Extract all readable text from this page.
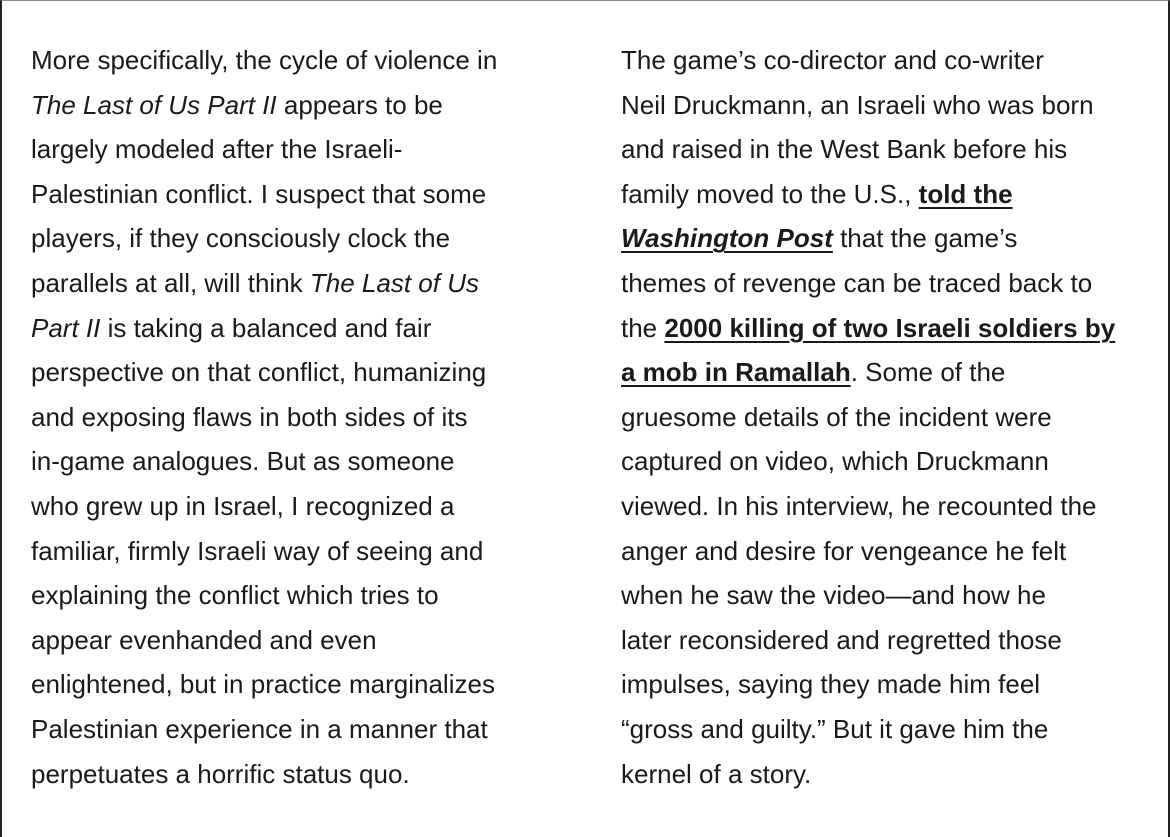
More specifically, the cycle of violence in
The Last of Us Part II appears to be
largely modeled after the Israeli-
Palestinian conflict. I suspect that some
players, if they consciously clock the
parallels at all, will think The Last of Us
Part II is taking a balanced and fair
perspective on that conflict, humanizing
and exposing flaws in both sides of its
in-game analogues. But as someone
who grew up in Israel, I recognized a
familiar, firmly Israeli way of seeing and
explaining the conflict which tries to
appear evenhanded and even
enlightened, but in practice marginalizes
Palestinian experience in a manner that
perpetuates a horrific status quo.
The game’s co-director and co-writer
Neil Druckmann, an Israeli who was born
and raised in the West Bank before his
family moved to the U.S., told the
Washington Post that the game’s
themes of revenge can be traced back to
the 2000 killing of two Israeli soldiers by
a mob in Ramallah. Some of the
gruesome details of the incident were
captured on video, which Druckmann
viewed. In his interview, he recounted the
anger and desire for vengeance he felt
when he saw the video—and how he
later reconsidered and regretted those
impulses, saying they made him feel
“gross and guilty.” But it gave him the
kernel of a story.
